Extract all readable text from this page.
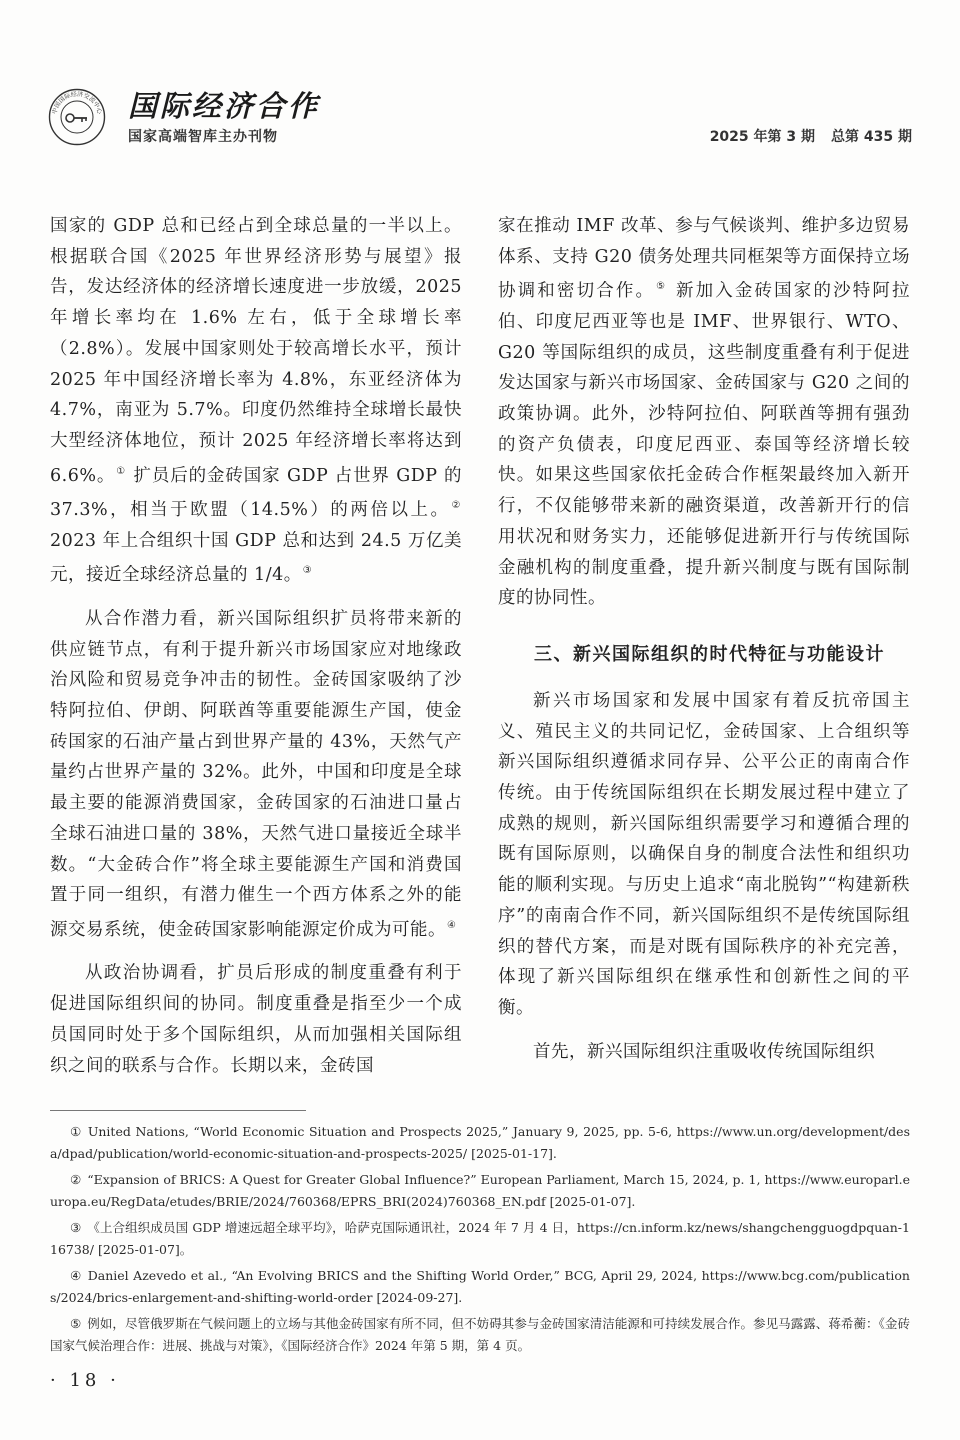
中国国际经济交流中心 国际经济合作
国家高端智库主办刊物	2025 年第 3 期 总第 435 期

国家的 GDP 总和已经占到全球总量的一半以上。根据联合国《2025 年世界经济形势与展望》报告，发达经济体的经济增长速度进一步放缓，2025 年增长率均在 1.6% 左右，低于全球增长率（2.8%）。发展中国家则处于较高增长水平，预计 2025 年中国经济增长率为 4.8%，东亚经济体为 4.7%，南亚为 5.7%。印度仍然维持全球增长最快大型经济体地位，预计 2025 年经济增长率将达到 6.6%。① 扩员后的金砖国家 GDP 占世界 GDP 的 37.3%，相当于欧盟（14.5%）的两倍以上。② 2023 年上合组织十国 GDP 总和达到 24.5 万亿美元，接近全球经济总量的 1/4。③

从合作潜力看，新兴国际组织扩员将带来新的供应链节点，有利于提升新兴市场国家应对地缘政治风险和贸易竞争冲击的韧性。金砖国家吸纳了沙特阿拉伯、伊朗、阿联酋等重要能源生产国，使金砖国家的石油产量占到世界产量的 43%，天然气产量约占世界产量的 32%。此外，中国和印度是全球最主要的能源消费国家，金砖国家的石油进口量占全球石油进口量的 38%，天然气进口量接近全球半数。“大金砖合作”将全球主要能源生产国和消费国置于同一组织，有潜力催生一个西方体系之外的能源交易系统，使金砖国家影响能源定价成为可能。④

从政治协调看，扩员后形成的制度重叠有利于促进国际组织间的协同。制度重叠是指至少一个成员国同时处于多个国际组织，从而加强相关国际组织之间的联系与合作。长期以来，金砖国

家在推动 IMF 改革、参与气候谈判、维护多边贸易体系、支持 G20 债务处理共同框架等方面保持立场协调和密切合作。⑤ 新加入金砖国家的沙特阿拉伯、印度尼西亚等也是 IMF、世界银行、WTO、G20 等国际组织的成员，这些制度重叠有利于促进发达国家与新兴市场国家、金砖国家与 G20 之间的政策协调。此外，沙特阿拉伯、阿联酋等拥有强劲的资产负债表，印度尼西亚、泰国等经济增长较快。如果这些国家依托金砖合作框架最终加入新开行，不仅能够带来新的融资渠道，改善新开行的信用状况和财务实力，还能够促进新开行与传统国际金融机构的制度重叠，提升新兴制度与既有国际制度的协同性。

三、新兴国际组织的时代特征与功能设计

新兴市场国家和发展中国家有着反抗帝国主义、殖民主义的共同记忆，金砖国家、上合组织等新兴国际组织遵循求同存异、公平公正的南南合作传统。由于传统国际组织在长期发展过程中建立了成熟的规则，新兴国际组织需要学习和遵循合理的既有国际原则，以确保自身的制度合法性和组织功能的顺利实现。与历史上追求“南北脱钩”“构建新秩序”的南南合作不同，新兴国际组织不是传统国际组织的替代方案，而是对既有国际秩序的补充完善，体现了新兴国际组织在继承性和创新性之间的平衡。

首先，新兴国际组织注重吸收传统国际组织

① United Nations, “World Economic Situation and Prospects 2025,” January 9, 2025, pp. 5-6, https://www.un.org/development/desa/dpad/publication/world-economic-situation-and-prospects-2025/ [2025-01-17].
② “Expansion of BRICS: A Quest for Greater Global Influence?” European Parliament, March 15, 2024, p. 1, https://www.europarl.europa.eu/RegData/etudes/BRIE/2024/760368/EPRS_BRI(2024)760368_EN.pdf [2025-01-07].
③ 《上合组织成员国 GDP 增速远超全球平均》，哈萨克国际通讯社，2024 年 7 月 4 日，https://cn.inform.kz/news/shangchengguogdpquan-116738/ [2025-01-07]。
④ Daniel Azevedo et al., “An Evolving BRICS and the Shifting World Order,” BCG, April 29, 2024, https://www.bcg.com/publications/2024/brics-enlargement-and-shifting-world-order [2024-09-27].
⑤ 例如，尽管俄罗斯在气候问题上的立场与其他金砖国家有所不同，但不妨碍其参与金砖国家清洁能源和可持续发展合作。参见马露露、蒋希蘅：《金砖国家气候治理合作：进展、挑战与对策》，《国际经济合作》2024 年第 5 期，第 4 页。
· 18 ·
